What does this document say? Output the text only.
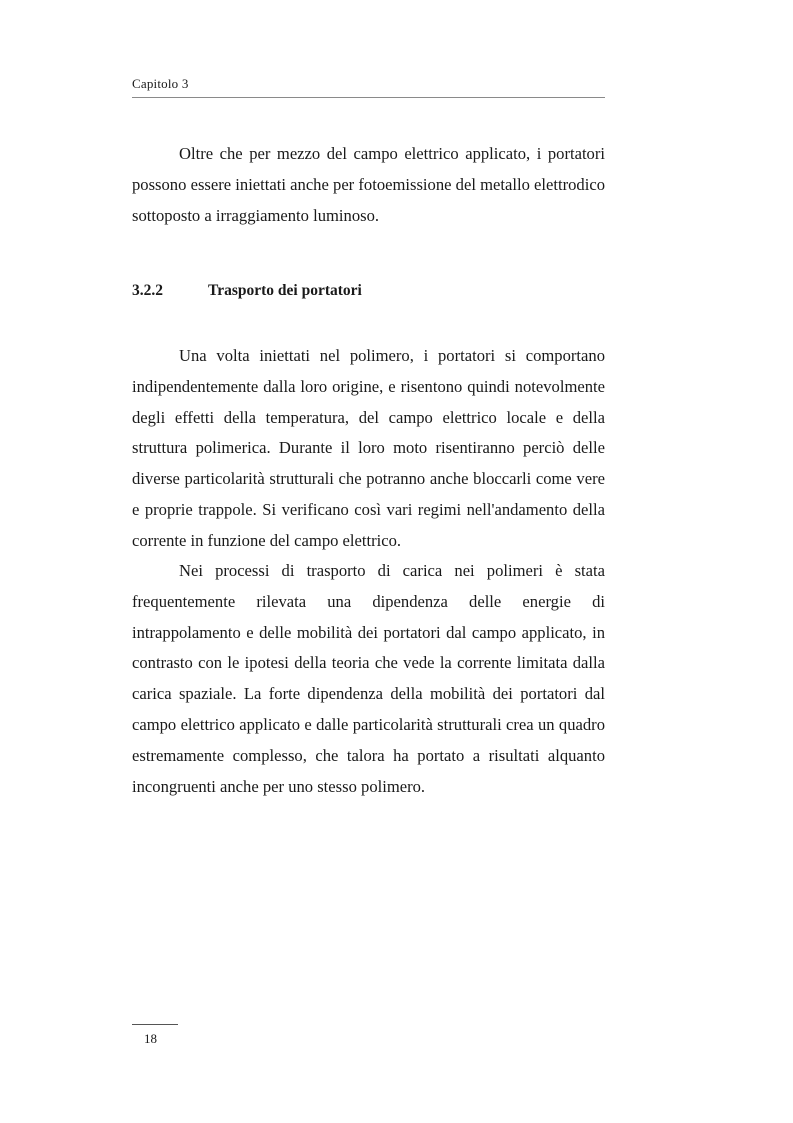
Capitolo 3

Oltre che per mezzo del campo elettrico applicato, i portatori possono essere iniettati anche per fotoemissione del metallo elettrodico sottoposto a irraggiamento luminoso.

3.2.2	Trasporto dei portatori

Una volta iniettati nel polimero, i portatori si comportano indipendentemente dalla loro origine, e risentono quindi notevolmente degli effetti della temperatura, del campo elettrico locale e della struttura polimerica. Durante il loro moto risentiranno perciò delle diverse particolarità strutturali che potranno anche bloccarli come vere e proprie trappole. Si verificano così vari regimi nell'andamento della corrente in funzione del campo elettrico.

Nei processi di trasporto di carica nei polimeri è stata frequentemente rilevata una dipendenza delle energie di intrappolamento e delle mobilità dei portatori dal campo applicato, in contrasto con le ipotesi della teoria che vede la corrente limitata dalla carica spaziale. La forte dipendenza della mobilità dei portatori dal campo elettrico applicato e dalle particolarità strutturali crea un quadro estremamente complesso, che talora ha portato a risultati alquanto incongruenti anche per uno stesso polimero.

18
